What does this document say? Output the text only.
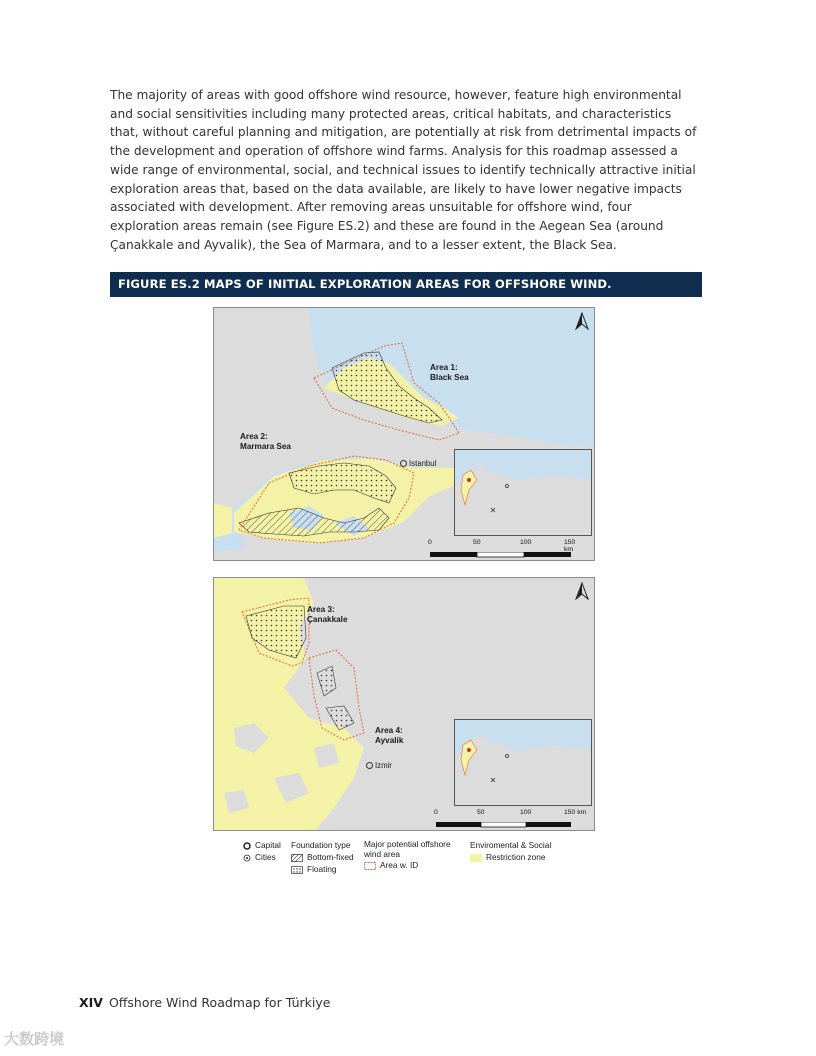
The majority of areas with good offshore wind resource, however, feature high environmental and social sensitivities including many protected areas, critical habitats, and characteristics that, without careful planning and mitigation, are potentially at risk from detrimental impacts of the development and operation of offshore wind farms. Analysis for this roadmap assessed a wide range of environmental, social, and technical issues to identify technically attractive initial exploration areas that, based on the data available, are likely to have lower negative impacts associated with development. After removing areas unsuitable for offshore wind, four exploration areas remain (see Figure ES.2) and these are found in the Aegean Sea (around Çanakkale and Ayvalik), the Sea of Marmara, and to a lesser extent, the Black Sea.
FIGURE ES.2 MAPS OF INITIAL EXPLORATION AREAS FOR OFFSHORE WIND.
Area 1:
Black Sea
Area 2:
Marmara Sea
Istanbul
0	50	100	150 km
Area 3:
Çanakkale
Area 4:
Ayvalik
Izmir
0	50	100	150 km
Capital
Cities
Foundation type
Bottom-fixed
Floating
Major potential offshore
wind area
Area w. ID
Enviromental & Social
Restriction zone
XIV Offshore Wind Roadmap for Türkiye
大数跨境
